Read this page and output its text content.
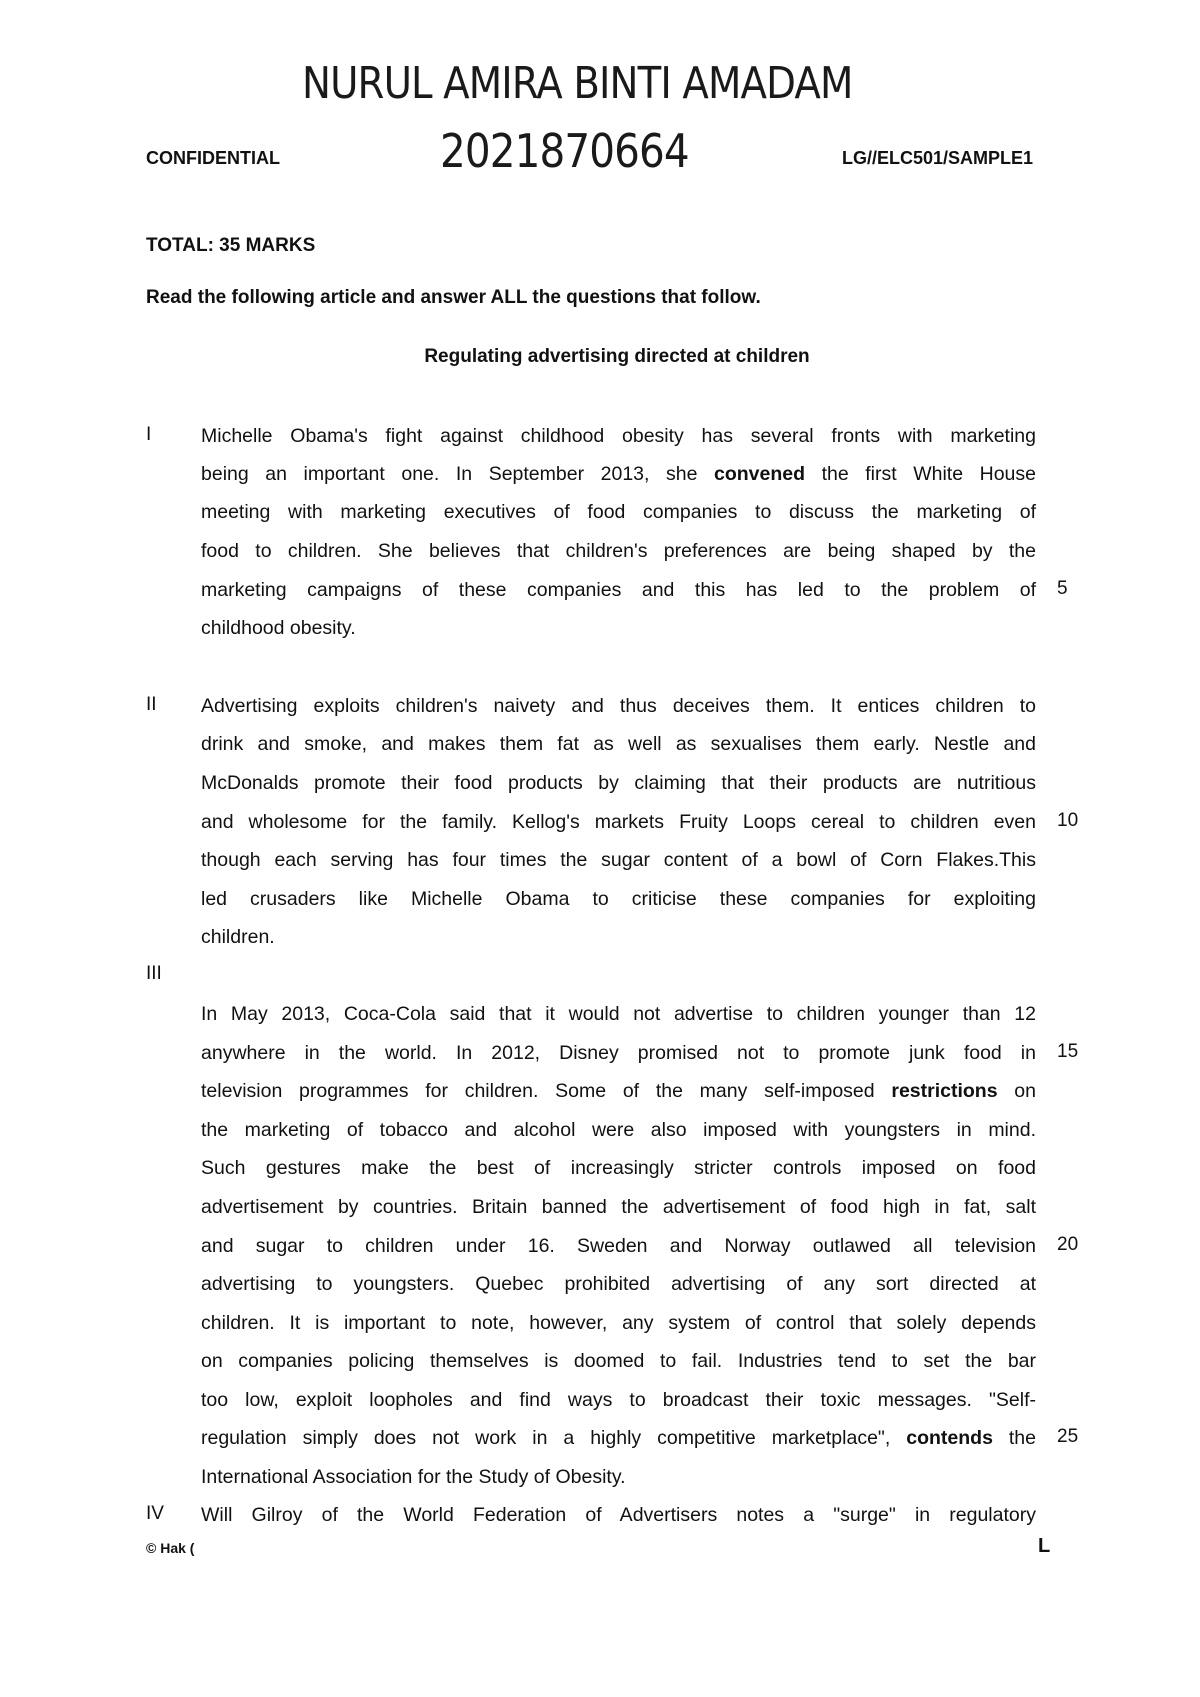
NURUL AMIRA BINTI AMADAM
2021870664
CONFIDENTIAL	LG//ELC501/SAMPLE1
TOTAL: 35 MARKS
Read the following article and answer ALL the questions that follow.
Regulating advertising directed at children
I	Michelle Obama's fight against childhood obesity has several fronts with marketing
being an important one. In September 2013, she convened the first White House
meeting with marketing executives of food companies to discuss the marketing of
food to children. She believes that children's preferences are being shaped by the
marketing campaigns of these companies and this has led to the problem of 5
childhood obesity.
II Advertising exploits children's naivety and thus deceives them. It entices children to
drink and smoke, and makes them fat as well as sexualises them early. Nestle and
McDonalds promote their food products by claiming that their products are nutritious
and wholesome for the family. Kellog's markets Fruity Loops cereal to children even 10
though each serving has four times the sugar content of a bowl of Corn Flakes.This
led crusaders like Michelle Obama to criticise these companies for exploiting
children.
III
In May 2013, Coca-Cola said that it would not advertise to children younger than 12
anywhere in the world. In 2012, Disney promised not to promote junk food in 15
television programmes for children. Some of the many self-imposed restrictions on
the marketing of tobacco and alcohol were also imposed with youngsters in mind.
Such gestures make the best of increasingly stricter controls imposed on food
advertisement by countries. Britain banned the advertisement of food high in fat, salt
and sugar to children under 16. Sweden and Norway outlawed all television 20
advertising to youngsters. Quebec prohibited advertising of any sort directed at
children. It is important to note, however, any system of control that solely depends
on companies policing themselves is doomed to fail. Industries tend to set the bar
too low, exploit loopholes and find ways to broadcast their toxic messages. "Self-
regulation simply does not work in a highly competitive marketplace", contends the 25
International Association for the Study of Obesity.
IV Will Gilroy of the World Federation of Advertisers notes a "surge" in regulatory
© Hak (	L
